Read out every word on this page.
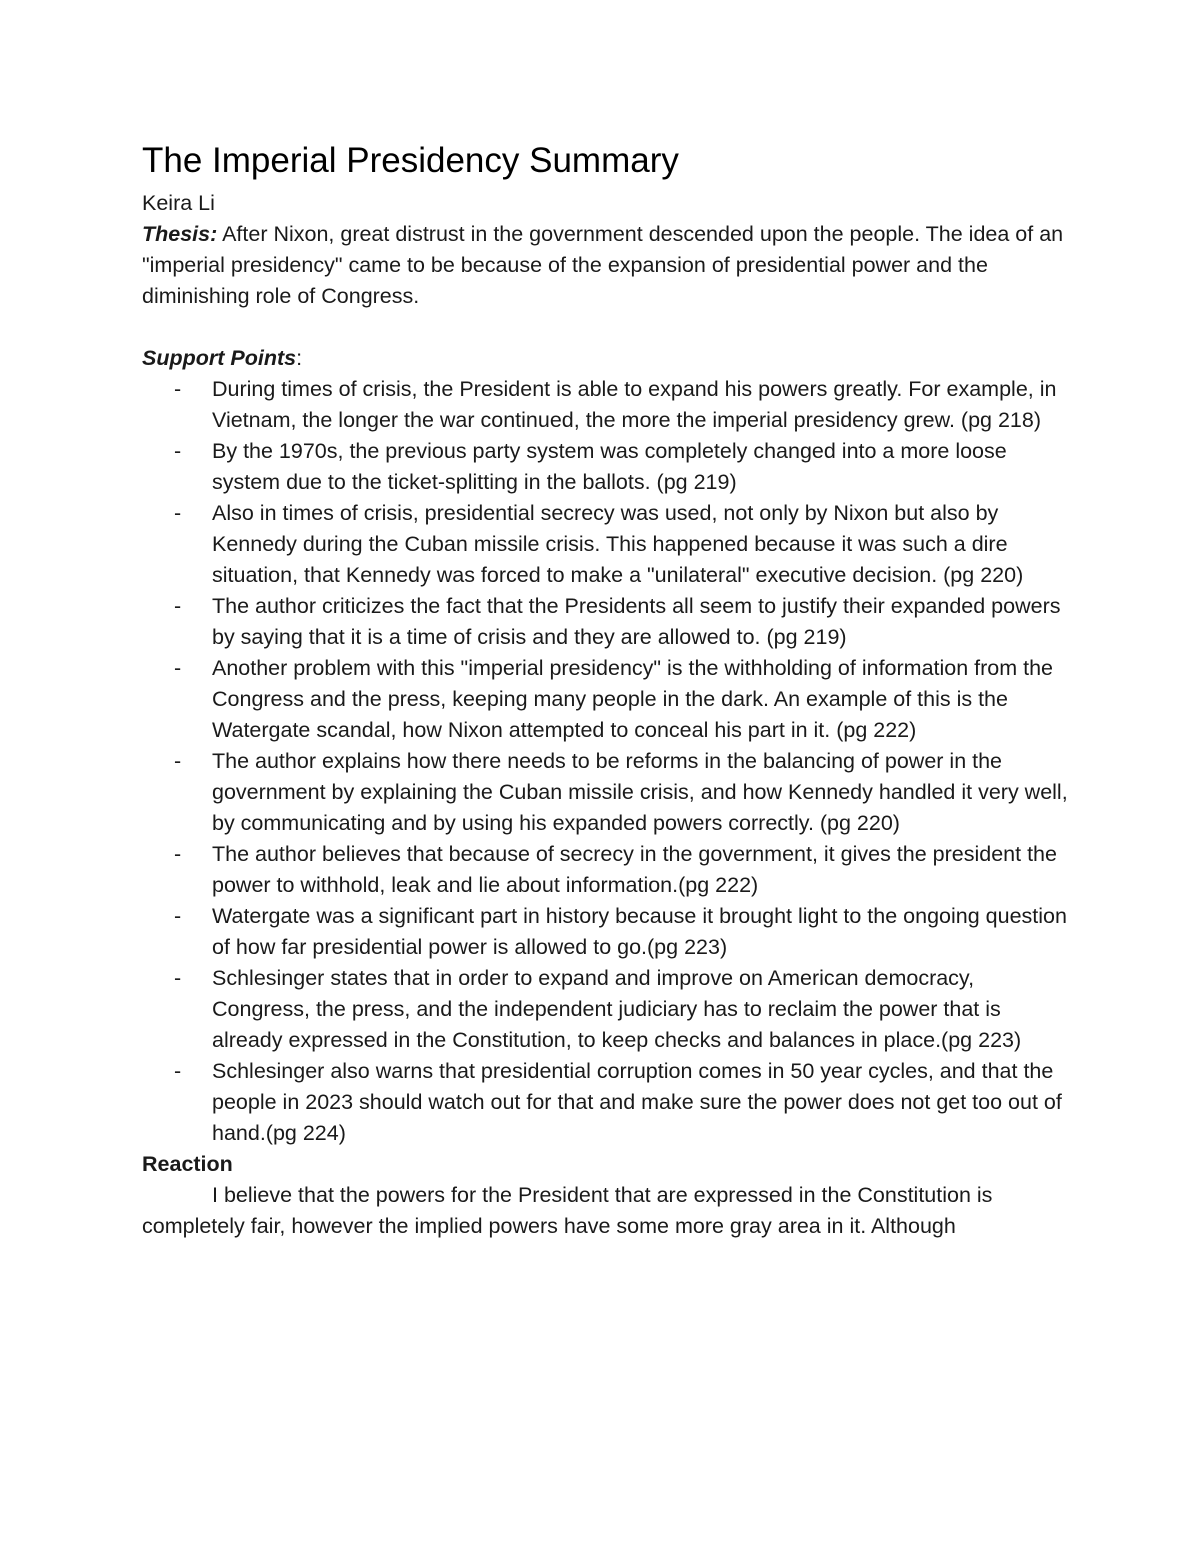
The Imperial Presidency Summary

Keira Li

Thesis: After Nixon, great distrust in the government descended upon the people. The idea of an "imperial presidency" came to be because of the expansion of presidential power and the diminishing role of Congress.

Support Points:

- During times of crisis, the President is able to expand his powers greatly. For example, in Vietnam, the longer the war continued, the more the imperial presidency grew. (pg 218)
- By the 1970s, the previous party system was completely changed into a more loose system due to the ticket-splitting in the ballots. (pg 219)
- Also in times of crisis, presidential secrecy was used, not only by Nixon but also by Kennedy during the Cuban missile crisis. This happened because it was such a dire situation, that Kennedy was forced to make a "unilateral" executive decision. (pg 220)
- The author criticizes the fact that the Presidents all seem to justify their expanded powers by saying that it is a time of crisis and they are allowed to. (pg 219)
- Another problem with this "imperial presidency" is the withholding of information from the Congress and the press, keeping many people in the dark. An example of this is the Watergate scandal, how Nixon attempted to conceal his part in it. (pg 222)
- The author explains how there needs to be reforms in the balancing of power in the government by explaining the Cuban missile crisis, and how Kennedy handled it very well, by communicating and by using his expanded powers correctly. (pg 220)
- The author believes that because of secrecy in the government, it gives the president the power to withhold, leak and lie about information.(pg 222)
- Watergate was a significant part in history because it brought light to the ongoing question of how far presidential power is allowed to go.(pg 223)
- Schlesinger states that in order to expand and improve on American democracy, Congress, the press, and the independent judiciary has to reclaim the power that is already expressed in the Constitution, to keep checks and balances in place.(pg 223)
- Schlesinger also warns that presidential corruption comes in 50 year cycles, and that the people in 2023 should watch out for that and make sure the power does not get too out of hand.(pg 224)

Reaction

I believe that the powers for the President that are expressed in the Constitution is completely fair, however the implied powers have some more gray area in it. Although
